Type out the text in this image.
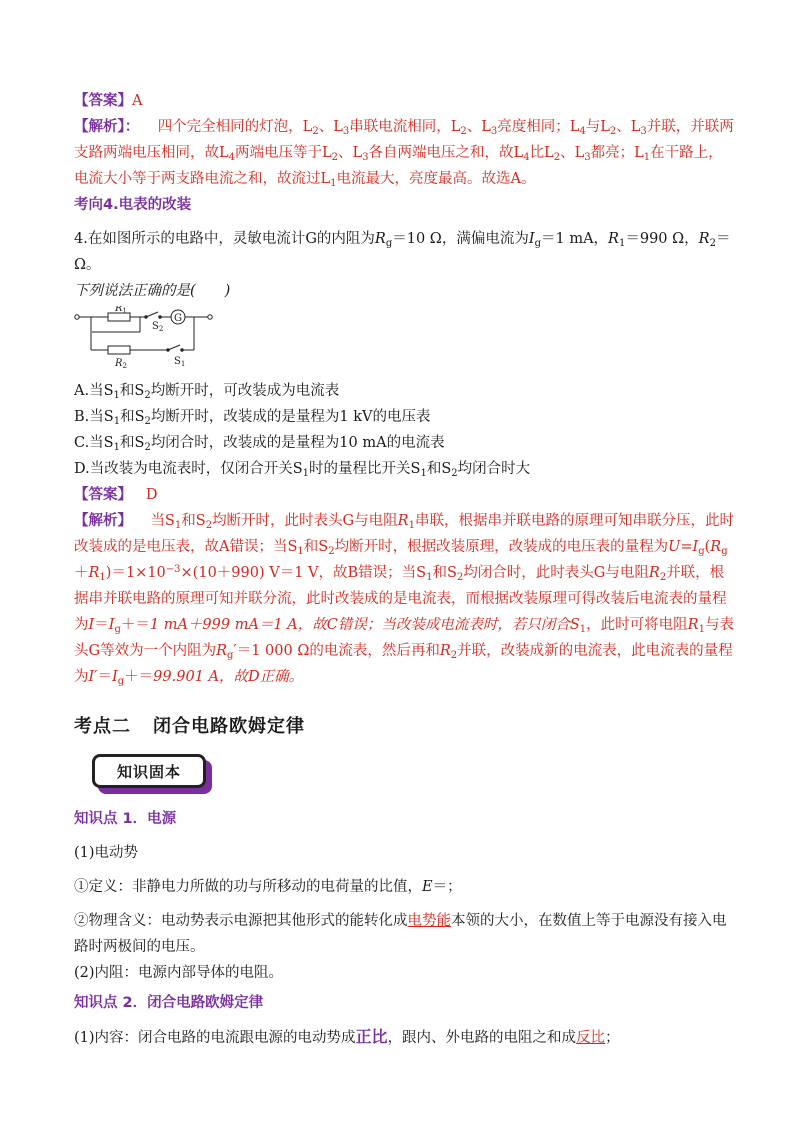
【答案】A

【解析】： 四个完全相同的灯泡，$L_2$、$L_3$串联电流相同，$L_2$、$L_3$亮度相同；$L_4$与$L_2$、$L_3$并联，并联两支路两端电压相同，故$L_4$两端电压等于$L_2$、$L_3$各自两端电压之和，故$L_4$比$L_2$、$L_3$都亮；$L_1$在干路上，电流大小等于两支路电流之和，故流过$L_1$电流最大，亮度最高。故选A。

考向4.电表的改装

4.在如图所示的电路中，灵敏电流计G的内阻为$R_g=10$ Ω，满偏电流为$I_g=1$ mA，$R_1=990$ Ω，$R_2= \Omega$。

下列说法正确的是(　　)

$R_1$
$R_2$
$S_2$
$S_1$
G

A.当$S_1$和$S_2$均断开时，可改装成为电流表

B.当$S_1$和$S_2$均断开时，改装成的是量程为1 kV的电压表

C.当$S_1$和$S_2$均闭合时，改装成的是量程为10 mA的电流表

D.当改装为电流表时，仅闭合开关$S_1$时的量程比开关$S_1$和$S_2$均闭合时大

【答案】 D

【解析】 当$S_1$和$S_2$均断开时，此时表头G与电阻$R_1$串联，根据串并联电路的原理可知串联分压，此时改装成的是电压表，故A错误；当$S_1$和$S_2$均断开时，根据改装原理，改装成的电压表的量程为$U=I_g(R_g+R_1)=1\times 10^{-3}\times(10+990)$ V＝1 V，故B错误；当$S_1$和$S_2$均闭合时，此时表头G与电阻$R_2$并联，根据串并联电路的原理可知并联分流，此时改装成的是电流表，而根据改装原理可得改装后电流表的量程为$I=I_g+=1$ mA＋999 mA＝1 A，故C错误；当改装成电流表时，若只闭合$S_1$，此时可将电阻$R_1$与表头G等效为一个内阻为$R_g'=1$ 000 Ω的电流表，然后再和$R_2$并联，改装成新的电流表，此电流表的量程为$I'=I_g+=99.901$ A，故D正确。

考点二 闭合电路欧姆定律
知识固本

知识点 1．电源

(1)电动势

①定义：非静电力所做的功与所移动的电荷量的比值，E＝；

②物理含义：电动势表示电源把其他形式的能转化成电势能本领的大小，在数值上等于电源没有接入电路时两极间的电压。

(2)内阻：电源内部导体的电阻。

知识点 2．闭合电路欧姆定律

(1)内容：闭合电路的电流跟电源的电动势成正比，跟内、外电路的电阻之和成反比；
